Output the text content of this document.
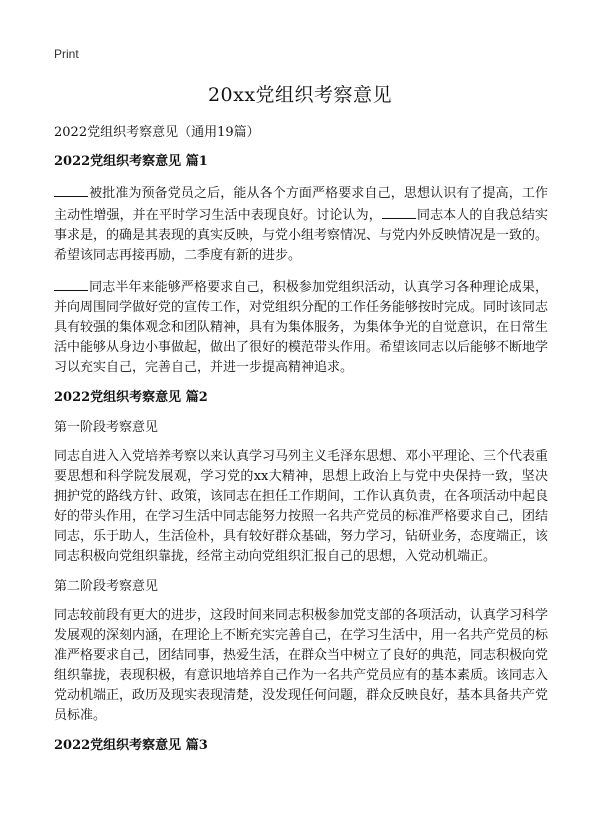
Print
20xx党组织考察意见

2022党组织考察意见（通用19篇）

2022党组织考察意见 篇1

被批准为预备党员之后，能从各个方面严格要求自己，思想认识有了提高，工作主动性增强，并在平时学习生活中表现良好。讨论认为，	同志本人的自我总结实事求是，的确是其表现的真实反映，与党小组考察情况、与党内外反映情况是一致的。希望该同志再接再励，二季度有新的进步。

同志半年来能够严格要求自己，积极参加党组织活动，认真学习各种理论成果，并向周围同学做好党的宣传工作，对党组织分配的工作任务能够按时完成。同时该同志具有较强的集体观念和团队精神，具有为集体服务，为集体争光的自觉意识，在日常生活中能够从身边小事做起，做出了很好的模范带头作用。希望该同志以后能够不断地学习以充实自己，完善自己，并进一步提高精神追求。

2022党组织考察意见 篇2
第一阶段考察意见

同志自进入入党培养考察以来认真学习马列主义毛泽东思想、邓小平理论、三个代表重要思想和科学院发展观，学习党的xx大精神，思想上政治上与党中央保持一致，坚决拥护党的路线方针、政策，该同志在担任工作期间，工作认真负责，在各项活动中起良好的带头作用，在学习生活中同志能努力按照一名共产党员的标准严格要求自己，团结同志，乐于助人，生活俭朴，具有较好群众基础，努力学习，钻研业务，态度端正，该同志积极向党组织靠拢，经常主动向党组织汇报自己的思想，入党动机端正。

第二阶段考察意见

同志较前段有更大的进步，这段时间来同志积极参加党支部的各项活动，认真学习科学发展观的深刻内涵，在理论上不断充实完善自己，在学习生活中，用一名共产党员的标准严格要求自己，团结同事，热爱生活，在群众当中树立了良好的典范，同志积极向党组织靠拢，表现积极，有意识地培养自己作为一名共产党员应有的基本素质。该同志入党动机端正，政历及现实表现清楚，没发现任何问题，群众反映良好，基本具备共产党员标准。

2022党组织考察意见 篇3
